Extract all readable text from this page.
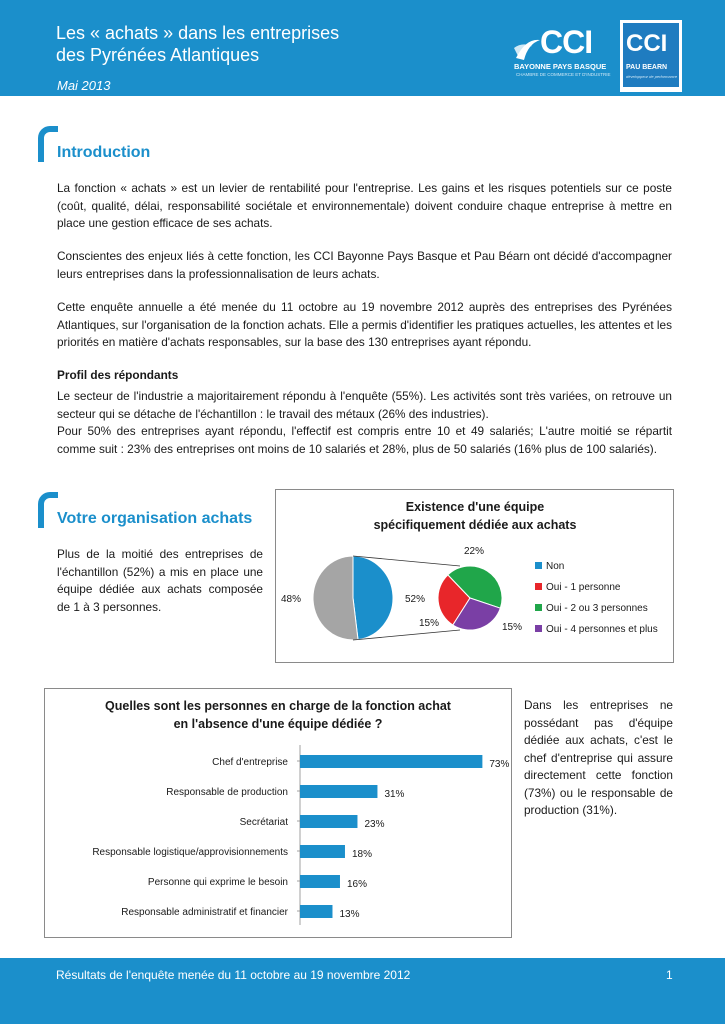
Les « achats » dans les entreprises
des Pyrénées Atlantiques
Mai 2013
CCI
BAYONNE PAYS BASQUE
CHAMBRE DE COMMERCE ET D'INDUSTRIE
CCI
PAU BEARN
développeur de performance
Introduction

La fonction « achats » est un levier de rentabilité pour l'entreprise. Les gains et les risques potentiels sur ce poste (coût, qualité, délai, responsabilité sociétale et environnementale) doivent conduire chaque entreprise à mettre en place une gestion efficace de ses achats.

Conscientes des enjeux liés à cette fonction, les CCI Bayonne Pays Basque et Pau Béarn ont décidé d'accompagner leurs entreprises dans la professionnalisation de leurs achats.

Cette enquête annuelle a été menée du 11 octobre au 19 novembre 2012 auprès des entreprises des Pyrénées Atlantiques, sur l'organisation de la fonction achats. Elle a permis d'identifier les pratiques actuelles, les attentes et les priorités en matière d'achats responsables, sur la base des 130 entreprises ayant répondu.

Profil des répondants

Le secteur de l'industrie a majoritairement répondu à l'enquête (55%). Les activités sont très variées, on retrouve un secteur qui se détache de l'échantillon : le travail des métaux (26% des industries).

Pour 50% des entreprises ayant répondu, l'effectif est compris entre 10 et 49 salariés; L'autre moitié se répartit comme suit : 23% des entreprises ont moins de 10 salariés et 28%, plus de 50 salariés (16% plus de 100 salariés).

Votre organisation achats

Plus de la moitié des entreprises de l'échantillon (52%) a mis en place une équipe dédiée aux achats composée de 1 à 3 personnes.

Existence d'une équipe
spécifiquement dédiée aux achats
48%	52%
15%
22%
15%
Non
Oui - 1 personne
Oui - 2 ou 3 personnes
Oui - 4 personnes et plus
Quelles sont les personnes en charge de la fonction achat
en l'absence d'une équipe dédiée ?
Chef d'entreprise	73%
Responsable de production	31%
Secrétariat	23%
Responsable logistique/approvisionnements	18%
Personne qui exprime le besoin	16%
Responsable administratif et financier	13%

Dans les entreprises ne possédant pas d'équipe dédiée aux achats, c'est le chef d'entreprise qui assure directement cette fonction (73%) ou le responsable de production (31%).

Résultats de l'enquête menée du 11 octobre au 19 novembre 2012	1
